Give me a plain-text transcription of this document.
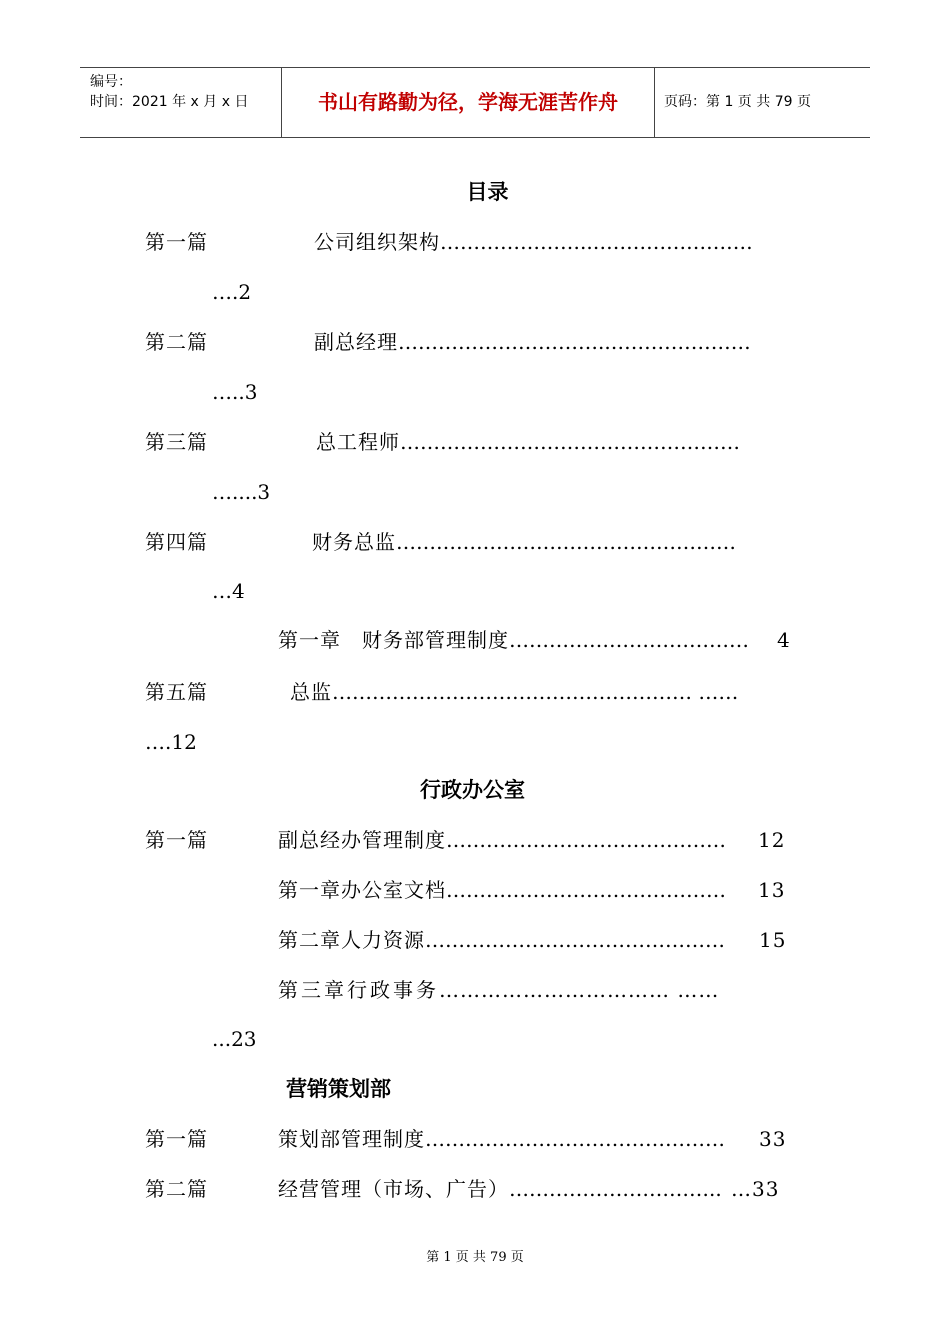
编号：
时间：2021 年 x 月 x 日	书山有路勤为径，学海无涯苦作舟	页码：第 1 页 共 79 页
目录
第一篇	公司组织架构…………………..……………………
….2
第二篇	副总经理…………………………..…………………
…..3
第三篇	总工程师……………………………………………
…....3
第四篇	财务总监……………………………………………
…4
第一章　财务部管理制度……………………………… 4
第五篇	总监……………………………………………… ……
….12
行政办公室
第一篇	副总经办管理制度…………………………………… 12
第一章办公室文档…………………………………… 13
第二章人力资源……………………………………… 15
第三章行政事务…………………………… ……
...23
营销策划部
第一篇	策划部管理制度……………………………………… 33
第二篇	经营管理（市场、广告）………………………….. …33
第 1 页 共 79 页
